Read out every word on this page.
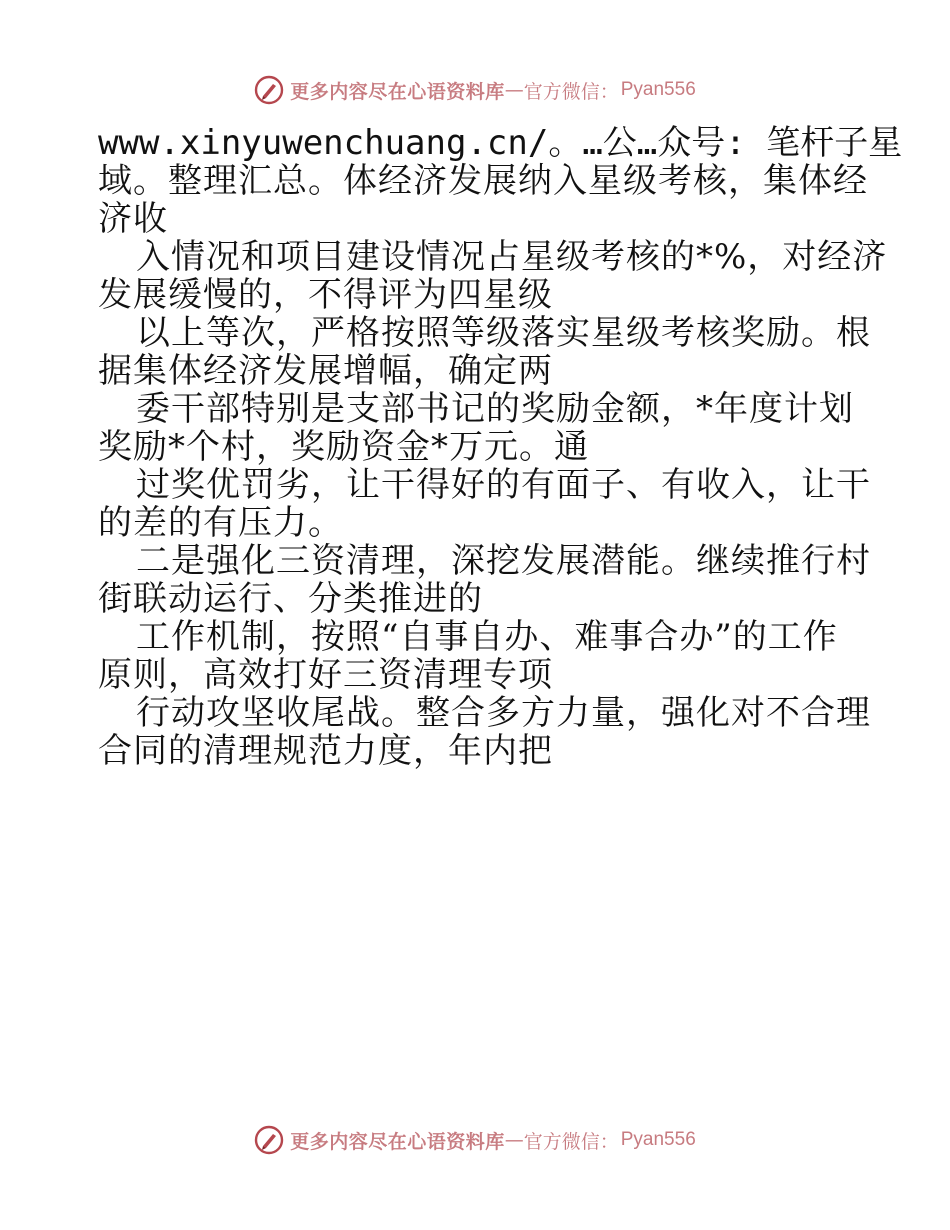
更多内容尽在心语资料库 — 官方微信： Pyan556
www.xinyuwenchuang.cn/。…公…众号: 笔杆子星
域。整理汇总。体经济发展纳入星级考核，集体经
济收
入情况和项目建设情况占星级考核的*%，对经济
发展缓慢的，不得评为四星级
以上等次，严格按照等级落实星级考核奖励。根
据集体经济发展增幅，确定两
委干部特别是支部书记的奖励金额，*年度计划
奖励*个村，奖励资金*万元。通
过奖优罚劣，让干得好的有面子、有收入，让干
的差的有压力。
二是强化三资清理，深挖发展潜能。继续推行村
街联动运行、分类推进的
工作机制，按照“自事自办、难事合办”的工作
原则，高效打好三资清理专项
行动攻坚收尾战。整合多方力量，强化对不合理
合同的清理规范力度，年内把
更多内容尽在心语资料库 — 官方微信： Pyan556
